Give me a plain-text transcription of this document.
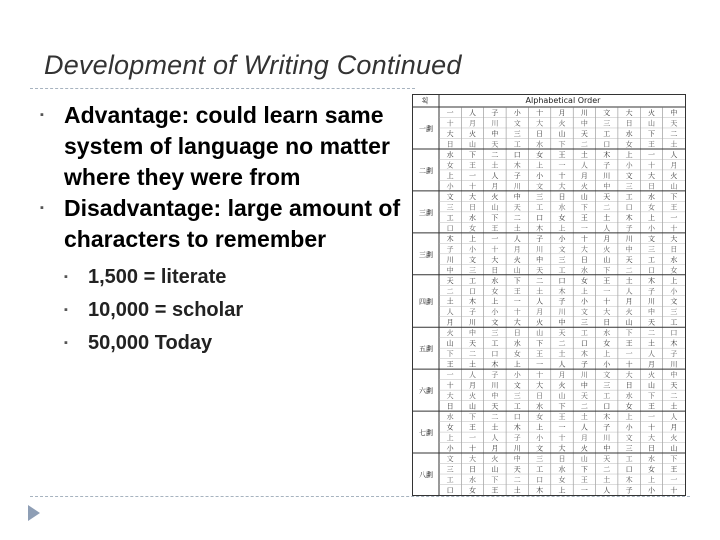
Development of Writing Continued
▪ Advantage: could learn same system of language no matter where they were from
▪ Disadvantage: large amount of characters to remember
▪ 1,500 = literate
▪ 10,000 = scholar
▪ 50,000 Today
Alphabetical Order
획
一劃
二劃
三劃
三劃
四劃
五劃
六劃
七劃
八劃
一 人 子 小 十 月 川 文 大 火 中
十 月 川 文 大 火 中 三 日 山 天
大 火 中 三 日 山 天 工 水 下 二
日 山 天 工 水 下 二 口 女 王 土
水 下 二 口 女 王 土 木 上 一 人
女 王 土 木 上 一 人 子 小 十 月
上 一 人 子 小 十 月 川 文 大 火
小 十 月 川 文 大 火 中 三 日 山
文 大 火 中 三 日 山 天 工 水 下
三 日 山 天 工 水 下 二 口 女 王
工 水 下 二 口 女 王 土 木 上 一
口 女 王 土 木 上 一 人 子 小 十
木 上 一 人 子 小 十 月 川 文 大
子 小 十 月 川 文 大 火 中 三 日
川 文 大 火 中 三 日 山 天 工 水
中 三 日 山 天 工 水 下 二 口 女
天 工 水 下 二 口 女 王 土 木 上
二 口 女 王 土 木 上 一 人 子 小
土 木 上 一 人 子 小 十 月 川 文
人 子 小 十 月 川 文 大 火 中 三
月 川 文 大 火 中 三 日 山 天 工
火 中 三 日 山 天 工 水 下 二 口
山 天 工 水 下 二 口 女 王 土 木
下 二 口 女 王 土 木 上 一 人 子
王 土 木 上 一 人 子 小 十 月 川
一 人 子 小 十 月 川 文 大 火 中
十 月 川 文 大 火 中 三 日 山 天
大 火 中 三 日 山 天 工 水 下 二
日 山 天 工 水 下 二 口 女 王 土
水 下 二 口 女 王 土 木 上 一 人
女 王 土 木 上 一 人 子 小 十 月
上 一 人 子 小 十 月 川 文 大 火
小 十 月 川 文 大 火 中 三 日 山
文 大 火 中 三 日 山 天 工 水 下
三 日 山 天 工 水 下 二 口 女 王
工 水 下 二 口 女 王 土 木 上 一
口 女 王 土 木 上 一 人 子 小 十
